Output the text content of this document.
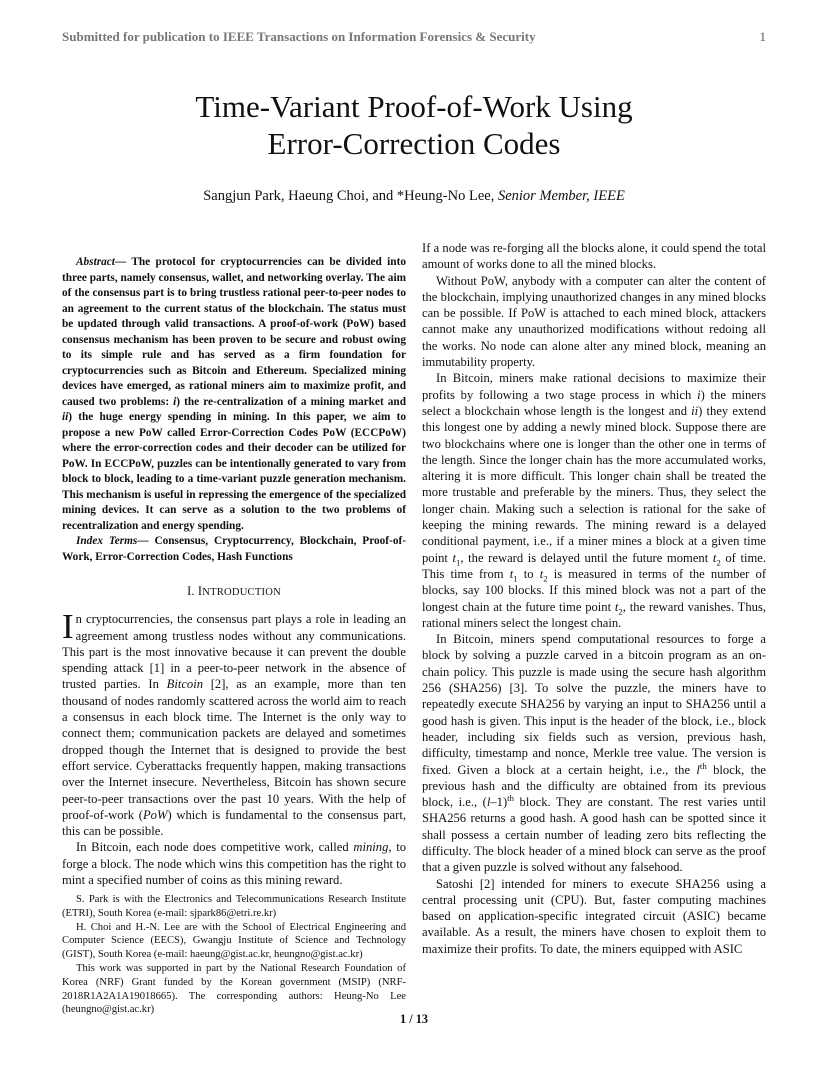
Submitted for publication to IEEE Transactions on Information Forensics & Security	1
Time-Variant Proof-of-Work Using
Error-Correction Codes
Sangjun Park, Haeung Choi, and *Heung-No Lee, Senior Member, IEEE

Abstract— The protocol for cryptocurrencies can be divided into three parts, namely consensus, wallet, and networking overlay. The aim of the consensus part is to bring trustless rational peer-to-peer nodes to an agreement to the current status of the blockchain. The status must be updated through valid transactions. A proof-of-work (PoW) based consensus mechanism has been proven to be secure and robust owing to its simple rule and has served as a firm foundation for cryptocurrencies such as Bitcoin and Ethereum. Specialized mining devices have emerged, as rational miners aim to maximize profit, and caused two problems: i) the re-centralization of a mining market and ii) the huge energy spending in mining. In this paper, we aim to propose a new PoW called Error-Correction Codes PoW (ECCPoW) where the error-correction codes and their decoder can be utilized for PoW. In ECCPoW, puzzles can be intentionally generated to vary from block to block, leading to a time-variant puzzle generation mechanism. This mechanism is useful in repressing the emergence of the specialized mining devices. It can serve as a solution to the two problems of recentralization and energy spending.

Index Terms— Consensus, Cryptocurrency, Blockchain, Proof-of-Work, Error-Correction Codes, Hash Functions

I. INTRODUCTION

In cryptocurrencies, the consensus part plays a role in leading an agreement among trustless nodes without any communications. This part is the most innovative because it can prevent the double spending attack [1] in a peer-to-peer network in the absence of trusted parties. In Bitcoin [2], as an example, more than ten thousand of nodes randomly scattered across the world aim to reach a consensus in each block time. The Internet is the only way to connect them; communication packets are delayed and sometimes dropped though the Internet that is designed to provide the best effort service. Cyberattacks frequently happen, making transactions over the Internet insecure. Nevertheless, Bitcoin has shown secure peer-to-peer transactions over the past 10 years. With the help of proof-of-work (PoW) which is fundamental to the consensus part, this can be possible.

In Bitcoin, each node does competitive work, called mining, to forge a block. The node which wins this competition has the right to mint a specified number of coins as this mining reward.

S. Park is with the Electronics and Telecommunications Research Institute (ETRI), South Korea (e-mail: sjpark86@etri.re.kr)

H. Choi and H.-N. Lee are with the School of Electrical Engineering and Computer Science (EECS), Gwangju Institute of Science and Technology (GIST), South Korea (e-mail: haeung@gist.ac.kr, heungno@gist.ac.kr)

This work was supported in part by the National Research Foundation of Korea (NRF) Grant funded by the Korean government (MSIP) (NRF-2018R1A2A1A19018665). The corresponding authors: Heung-No Lee (heungno@gist.ac.kr)

If a node was re-forging all the blocks alone, it could spend the total amount of works done to all the mined blocks.

Without PoW, anybody with a computer can alter the content of the blockchain, implying unauthorized changes in any mined blocks can be possible. If PoW is attached to each mined block, attackers cannot make any unauthorized modifications without redoing all the works. No node can alone alter any mined block, meaning an immutability property.

In Bitcoin, miners make rational decisions to maximize their profits by following a two stage process in which i) the miners select a blockchain whose length is the longest and ii) they extend this longest one by adding a newly mined block. Suppose there are two blockchains where one is longer than the other one in terms of the length. Since the longer chain has the more accumulated works, altering it is more difficult. This longer chain shall be treated the more trustable and preferable by the miners. Thus, they select the longer chain. Making such a selection is rational for the sake of keeping the mining rewards. The mining reward is a delayed conditional payment, i.e., if a miner mines a block at a given time point $t_1$, the reward is delayed until the future moment $t_2$ of time. This time from $t_1$ to $t_2$ is measured in terms of the number of blocks, say 100 blocks. If this mined block was not a part of the longest chain at the future time point $t_2$, the reward vanishes. Thus, rational miners select the longest chain.

In Bitcoin, miners spend computational resources to forge a block by solving a puzzle carved in a bitcoin program as an on-chain policy. This puzzle is made using the secure hash algorithm 256 (SHA256) [3]. To solve the puzzle, the miners have to repeatedly execute SHA256 by varying an input to SHA256 until a good hash is given. This input is the header of the block, i.e., block header, including six fields such as version, previous hash, difficulty, timestamp and nonce, Merkle tree value. The version is fixed. Given a block at a certain height, i.e., the $l^{th}$ block, the previous hash and the difficulty are obtained from its previous block, i.e., $(l-1)^{th}$ block. They are constant. The rest varies until SHA256 returns a good hash. A good hash can be spotted since it shall possess a certain number of leading zero bits reflecting the difficulty. The block header of a mined block can serve as the proof that a given puzzle is solved without any falsehood.

Satoshi [2] intended for miners to execute SHA256 using a central processing unit (CPU). But, faster computing machines based on application-specific integrated circuit (ASIC) became available. As a result, the miners have chosen to exploit them to maximize their profits. To date, the miners equipped with ASIC

1 / 13
